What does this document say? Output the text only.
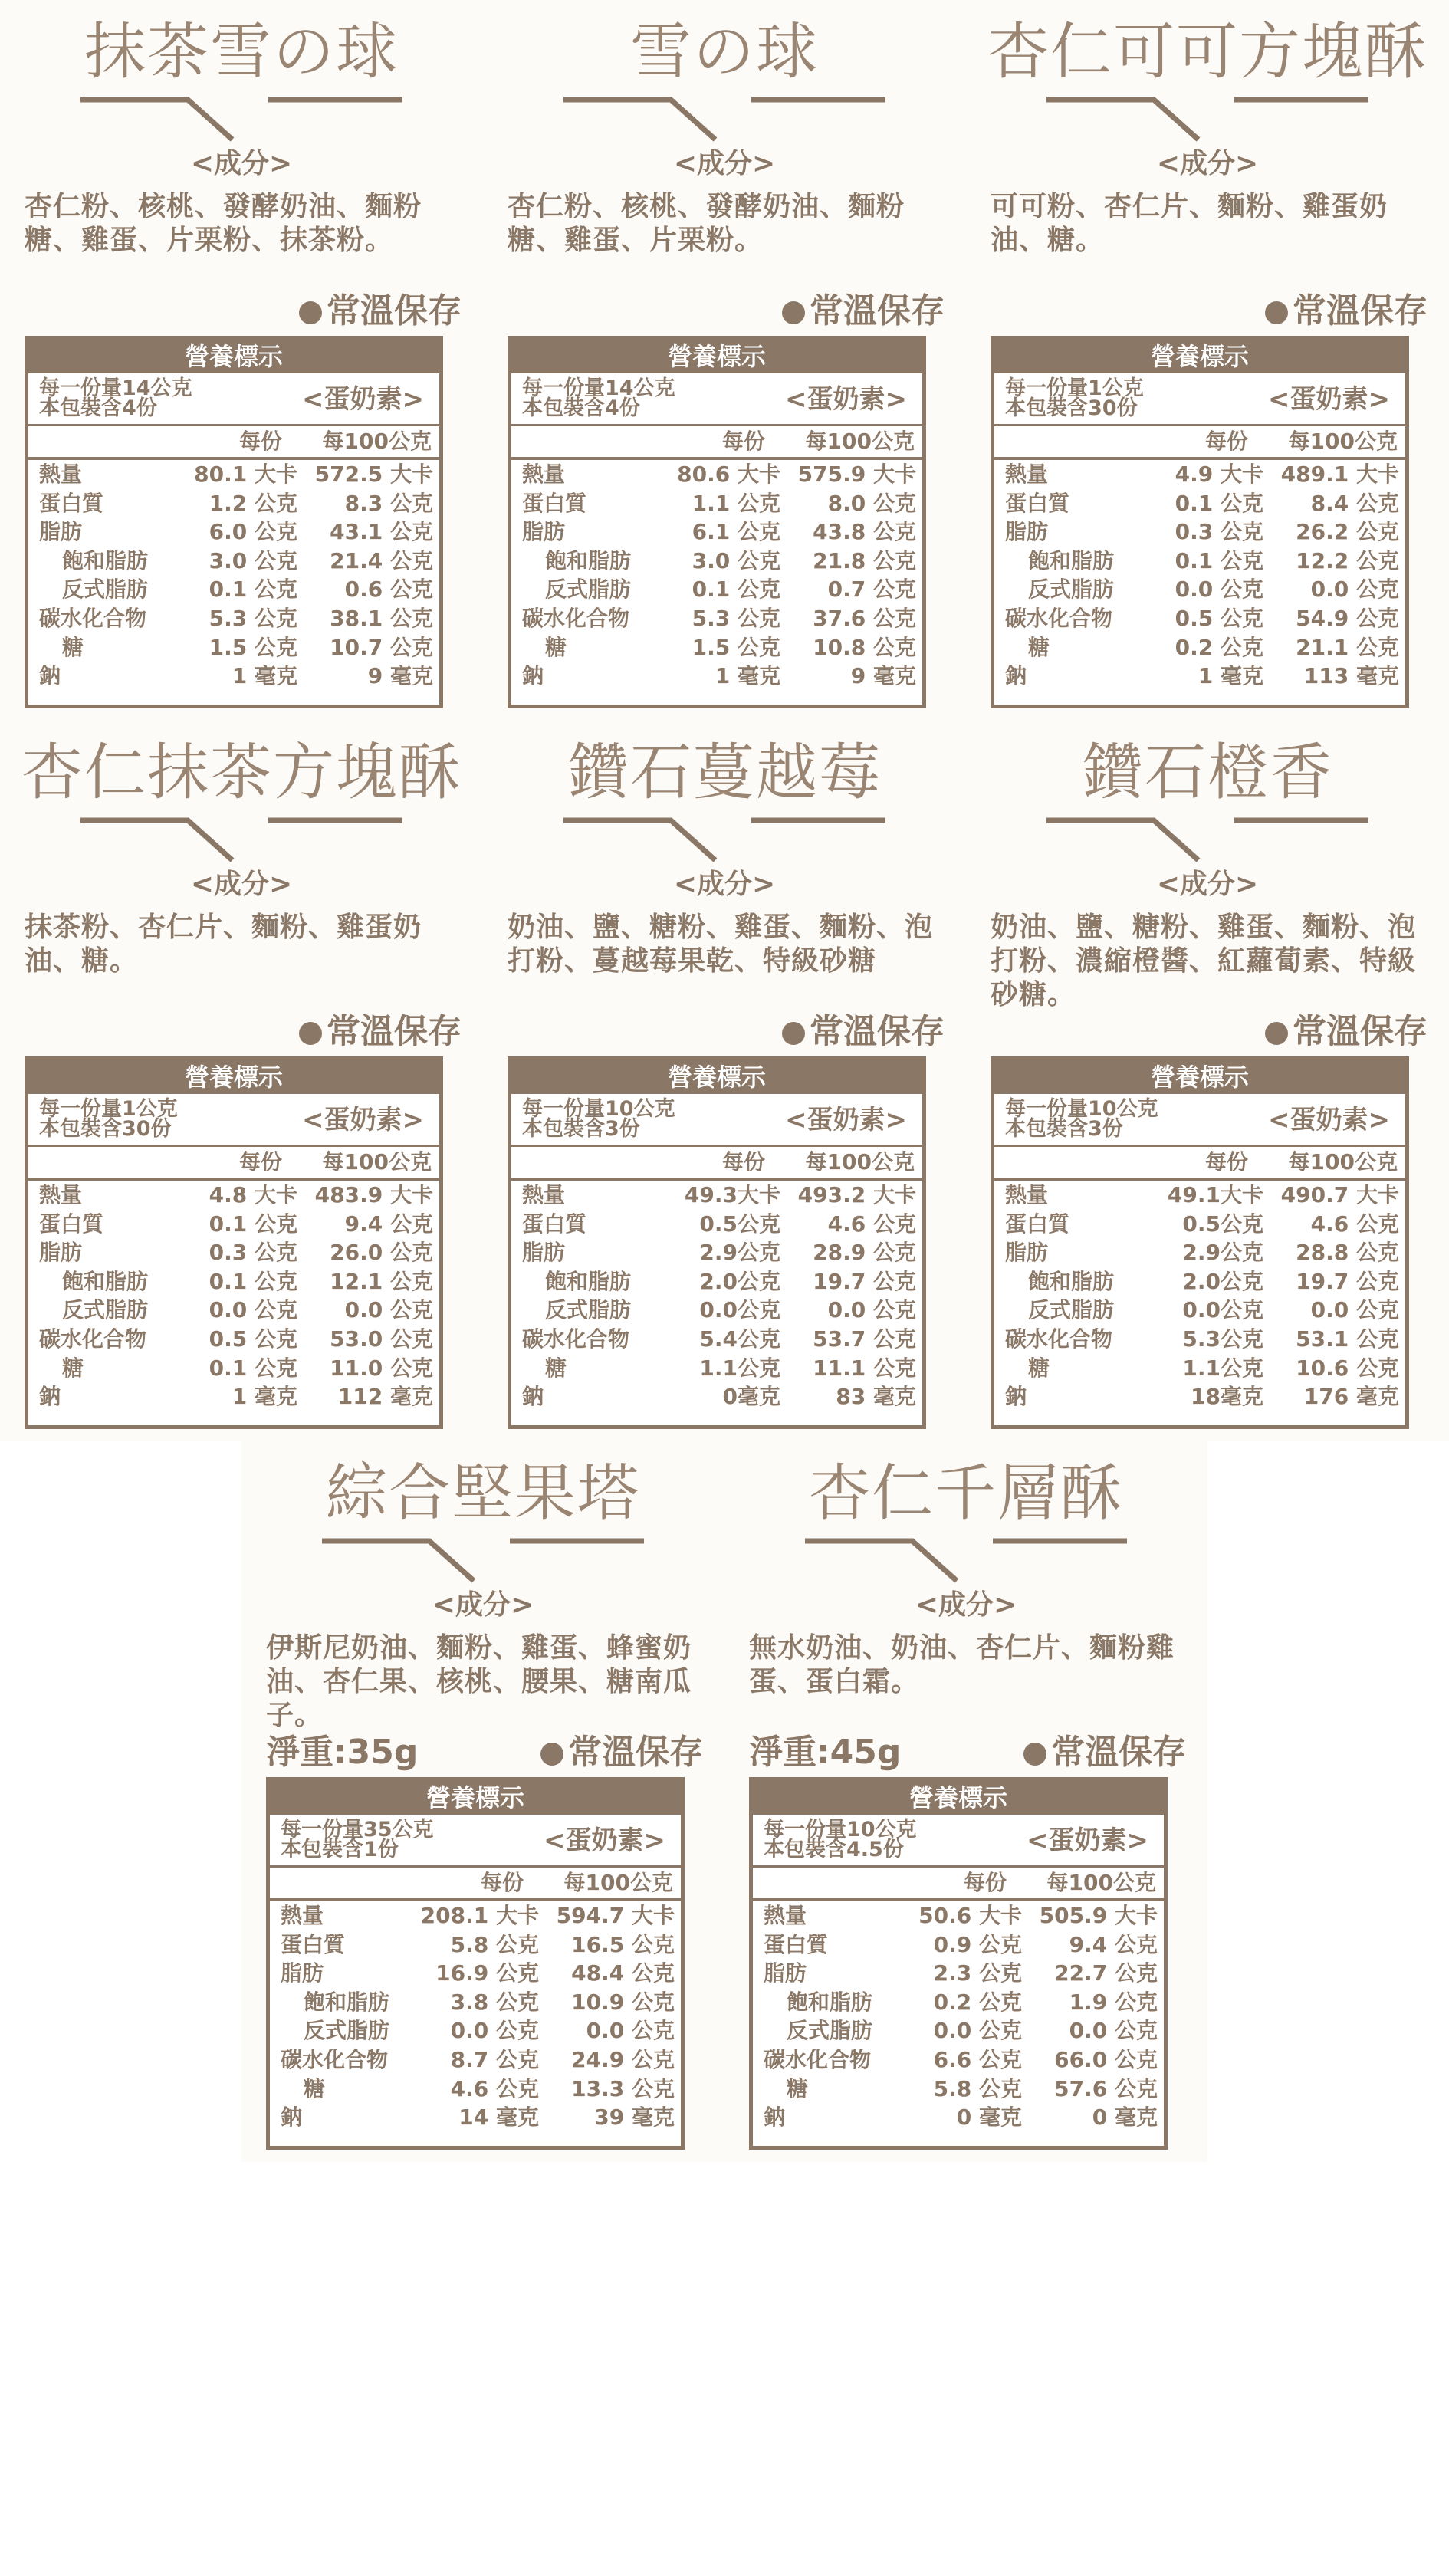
抹茶雪の球
<成分>
杏仁粉、核桃、發酵奶油、麵粉糖、雞蛋、片栗粉、抹茶粉。
常溫保存
營養標示
每一份量14公克
本包裝含4份	<蛋奶素>
每份 每100公克
熱量	80.1 大卡 572.5 大卡
蛋白質	1.2 公克 8.3 公克
脂肪	6.0 公克 43.1 公克
飽和脂肪	3.0 公克 21.4 公克
反式脂肪	0.1 公克 0.6 公克
碳水化合物	5.3 公克 38.1 公克
糖	1.5 公克 10.7 公克
鈉	1 毫克	9 毫克
雪の球
<成分>
杏仁粉、核桃、發酵奶油、麵粉糖、雞蛋、片栗粉。
常溫保存
營養標示
每一份量14公克
本包裝含4份	<蛋奶素>
每份 每100公克
熱量	80.6 大卡 575.9 大卡
蛋白質	1.1 公克 8.0 公克
脂肪	6.1 公克 43.8 公克
飽和脂肪	3.0 公克 21.8 公克
反式脂肪	0.1 公克 0.7 公克
碳水化合物	5.3 公克 37.6 公克
糖	1.5 公克 10.8 公克
鈉	1 毫克	9 毫克
杏仁可可方塊酥
<成分>
可可粉、杏仁片、麵粉、雞蛋奶油、糖。
常溫保存
營養標示
每一份量1公克
本包裝含30份	<蛋奶素>
每份 每100公克
熱量	4.9 大卡 489.1 大卡
蛋白質	0.1 公克 8.4 公克
脂肪	0.3 公克 26.2 公克
飽和脂肪	0.1 公克 12.2 公克
反式脂肪	0.0 公克 0.0 公克
碳水化合物	0.5 公克 54.9 公克
糖	0.2 公克 21.1 公克
鈉	1 毫克 113 毫克
杏仁抹茶方塊酥
<成分>
抹茶粉、杏仁片、麵粉、雞蛋奶油、糖。
常溫保存
營養標示
每一份量1公克
本包裝含30份	<蛋奶素>
每份 每100公克
熱量	4.8 大卡 483.9 大卡
蛋白質	0.1 公克 9.4 公克
脂肪	0.3 公克 26.0 公克
飽和脂肪	0.1 公克 12.1 公克
反式脂肪	0.0 公克 0.0 公克
碳水化合物	0.5 公克 53.0 公克
糖	0.1 公克 11.0 公克
鈉	1 毫克 112 毫克
鑽石蔓越莓
<成分>
奶油、鹽、糖粉、雞蛋、麵粉、泡打粉、蔓越莓果乾、特級砂糖
常溫保存
營養標示
每一份量10公克
本包裝含3份	<蛋奶素>
每份 每100公克
熱量	49.3大卡 493.2 大卡
蛋白質	0.5公克 4.6 公克
脂肪	2.9公克 28.9 公克
飽和脂肪	2.0公克 19.7 公克
反式脂肪	0.0公克 0.0 公克
碳水化合物	5.4公克 53.7 公克
糖	1.1公克 11.1 公克
鈉	0毫克	83 毫克
鑽石橙香
<成分>
奶油、鹽、糖粉、雞蛋、麵粉、泡打粉、濃縮橙醬、紅蘿蔔素、特級砂糖。
常溫保存
營養標示
每一份量10公克
本包裝含3份	<蛋奶素>
每份 每100公克
熱量	49.1大卡 490.7 大卡
蛋白質	0.5公克 4.6 公克
脂肪	2.9公克 28.8 公克
飽和脂肪	2.0公克 19.7 公克
反式脂肪	0.0公克 0.0 公克
碳水化合物	5.3公克 53.1 公克
糖	1.1公克 10.6 公克
鈉	18毫克 176 毫克
綜合堅果塔
<成分>
伊斯尼奶油、麵粉、雞蛋、蜂蜜奶油、杏仁果、核桃、腰果、糖南瓜子。
淨重:35g	常溫保存
營養標示
每一份量35公克
本包裝含1份	<蛋奶素>
每份 每100公克
熱量	208.1 大卡 594.7 大卡
蛋白質	5.8 公克 16.5 公克
脂肪	16.9 公克 48.4 公克
飽和脂肪	3.8 公克 10.9 公克
反式脂肪	0.0 公克 0.0 公克
碳水化合物	8.7 公克 24.9 公克
糖	4.6 公克 13.3 公克
鈉	14 毫克	39 毫克
杏仁千層酥
<成分>
無水奶油、奶油、杏仁片、麵粉雞蛋、蛋白霜。
淨重:45g	常溫保存
營養標示
每一份量10公克
本包裝含4.5份	<蛋奶素>
每份 每100公克
熱量	50.6 大卡 505.9 大卡
蛋白質	0.9 公克 9.4 公克
脂肪	2.3 公克 22.7 公克
飽和脂肪	0.2 公克 1.9 公克
反式脂肪	0.0 公克 0.0 公克
碳水化合物	6.6 公克 66.0 公克
糖	5.8 公克 57.6 公克
鈉	0 毫克	0 毫克
